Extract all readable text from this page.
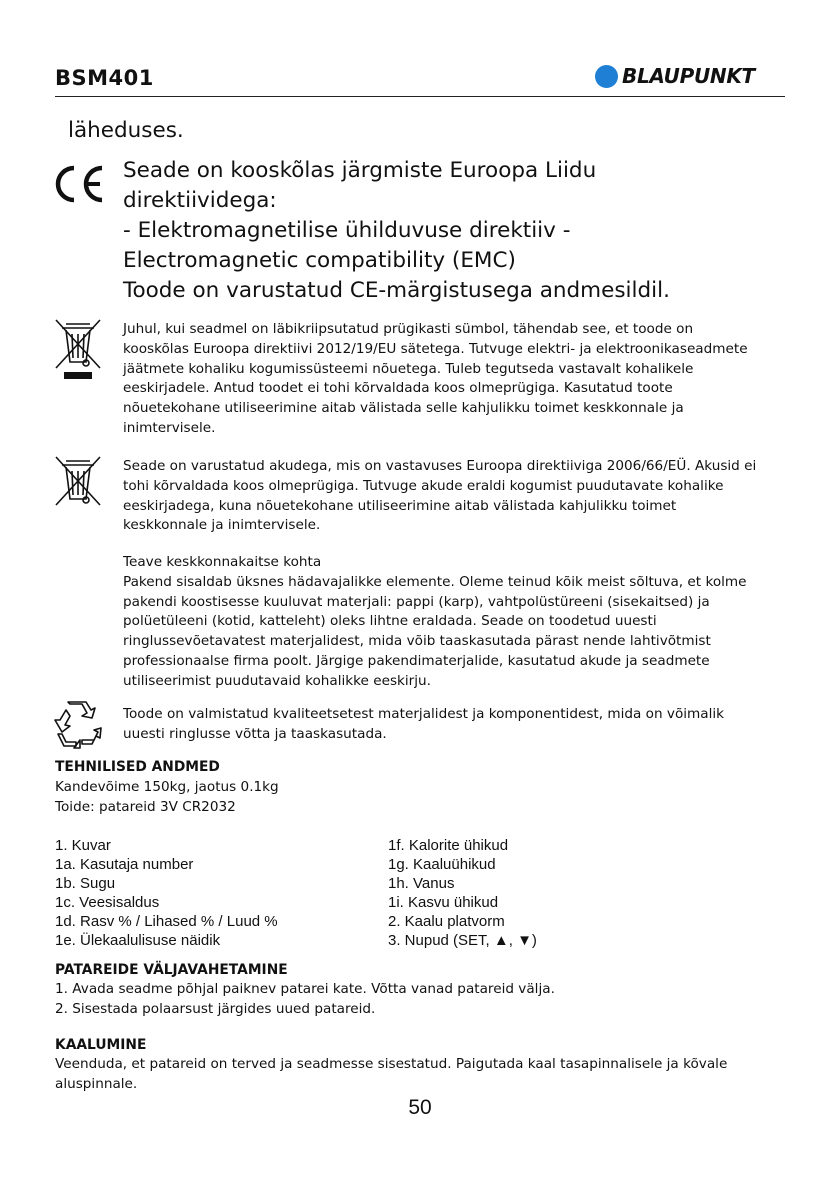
BSM401	BLAUPUNKT
läheduses.

Seade on kooskõlas järgmiste Euroopa Liidu

direktiividega:

- Elektromagnetilise ühilduvuse direktiiv -

Electromagnetic compatibility (EMC)

Toode on varustatud CE-märgistusega andmesildil.

Juhul, kui seadmel on läbikriipsutatud prügikasti sümbol, tähendab see, et toode on
kooskõlas Euroopa direktiivi 2012/19/EU sätetega. Tutvuge elektri- ja elektroonikaseadmete
jäätmete kohaliku kogumissüsteemi nõuetega. Tuleb tegutseda vastavalt kohalikele
eeskirjadele. Antud toodet ei tohi kõrvaldada koos olmeprügiga. Kasutatud toote
nõuetekohane utiliseerimine aitab välistada selle kahjulikku toimet keskkonnale ja
inimtervisele.
Seade on varustatud akudega, mis on vastavuses Euroopa direktiiviga 2006/66/EÜ. Akusid ei
tohi kõrvaldada koos olmeprügiga. Tutvuge akude eraldi kogumist puudutavate kohalike
eeskirjadega, kuna nõuetekohane utiliseerimine aitab välistada kahjulikku toimet
keskkonnale ja inimtervisele.

Teave keskkonnakaitse kohta

Pakend sisaldab üksnes hädavajalikke elemente. Oleme teinud kõik meist sõltuva, et kolme
pakendi koostisesse kuuluvat materjali: pappi (karp), vahtpolüstüreeni (sisekaitsed) ja
polüetüleeni (kotid, katteleht) oleks lihtne eraldada. Seade on toodetud uuesti
ringlussevõetavatest materjalidest, mida võib taaskasutada pärast nende lahtivõtmist
professionaalse firma poolt. Järgige pakendimaterjalide, kasutatud akude ja seadmete
utiliseerimist puudutavaid kohalikke eeskirju.
Toode on valmistatud kvaliteetsetest materjalidest ja komponentidest, mida on võimalik
uuesti ringlusse võtta ja taaskasutada.

TEHNILISED ANDMED

Kandevõime 150kg, jaotus 0.1kg

Toide: patareid 3V CR2032

1. Kuvar
1a. Kasutaja number
1b. Sugu
1c. Veesisaldus
1d. Rasv % / Lihased % / Luud %
1e. Ülekaalulisuse näidik
1f. Kalorite ühikud
1g. Kaaluühikud
1h. Vanus
1i. Kasvu ühikud
2. Kaalu platvorm
3. Nupud (SET, ▲, ▼)

PATAREIDE VÄLJAVAHETAMINE

1. Avada seadme põhjal paiknev patarei kate. Võtta vanad patareid välja.

2. Sisestada polaarsust järgides uued patareid.

KAALUMINE

Veenduda, et patareid on terved ja seadmesse sisestatud. Paigutada kaal tasapinnalisele ja kõvale

aluspinnale.

50
